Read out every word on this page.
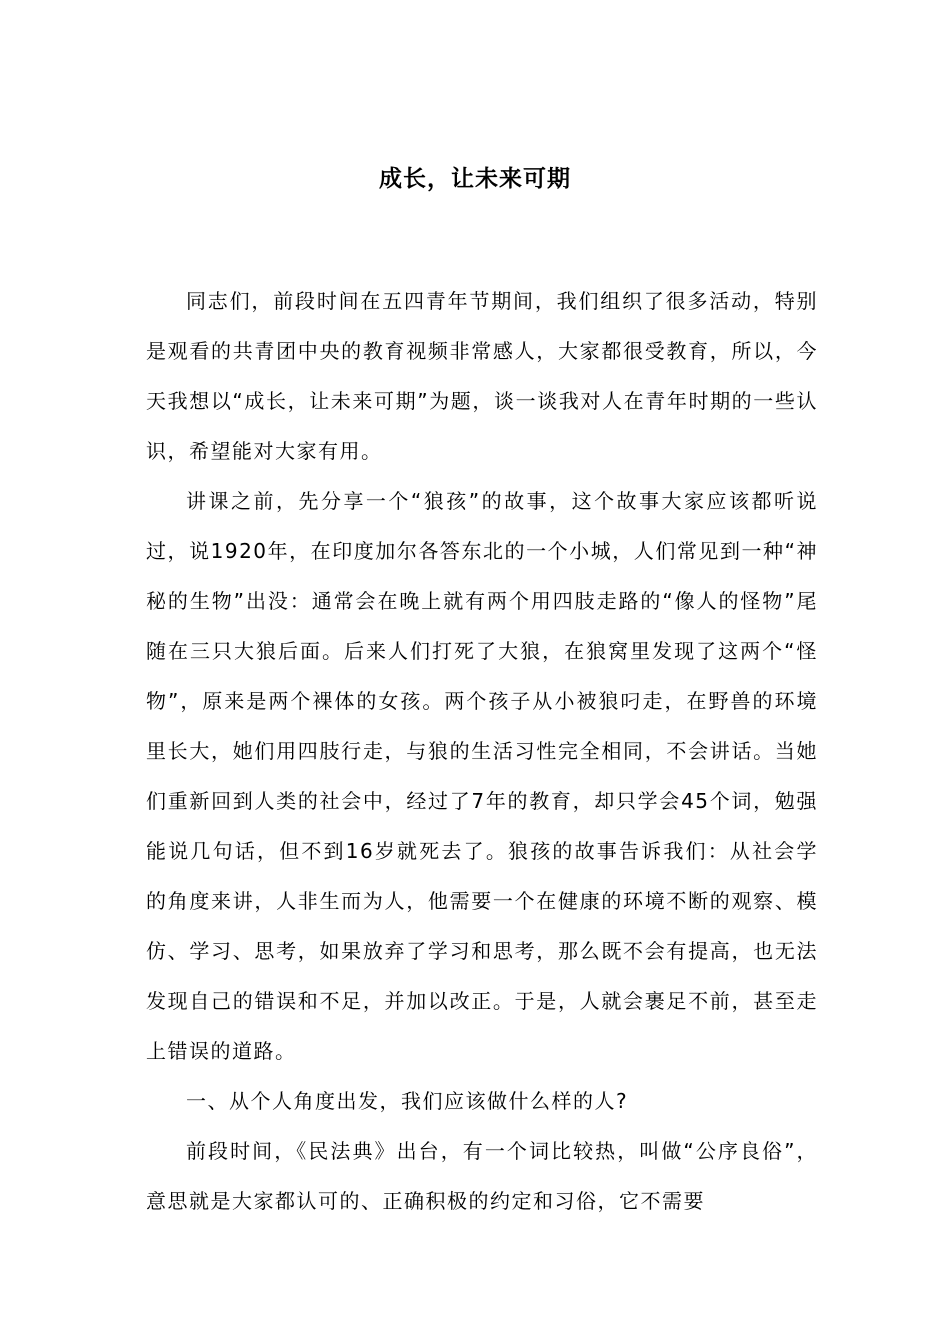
成长，让未来可期

同志们，前段时间在五四青年节期间，我们组织了很多活动，特别是观看的共青团中央的教育视频非常感人，大家都很受教育，所以，今天我想以“成长，让未来可期”为题，谈一谈我对人在青年时期的一些认识，希望能对大家有用。

讲课之前，先分享一个“狼孩”的故事，这个故事大家应该都听说过，说1920年，在印度加尔各答东北的一个小城，人们常见到一种“神秘的生物”出没：通常会在晚上就有两个用四肢走路的“像人的怪物”尾随在三只大狼后面。后来人们打死了大狼，在狼窝里发现了这两个“怪物”，原来是两个裸体的女孩。两个孩子从小被狼叼走，在野兽的环境里长大，她们用四肢行走，与狼的生活习性完全相同，不会讲话。当她们重新回到人类的社会中，经过了7年的教育，却只学会45个词，勉强能说几句话，但不到16岁就死去了。狼孩的故事告诉我们：从社会学的角度来讲，人非生而为人，他需要一个在健康的环境不断的观察、模仿、学习、思考，如果放弃了学习和思考，那么既不会有提高，也无法发现自己的错误和不足，并加以改正。于是，人就会裹足不前，甚至走上错误的道路。

一、从个人角度出发，我们应该做什么样的人?

前段时间，《民法典》出台，有一个词比较热，叫做“公序良俗”，意思就是大家都认可的、正确积极的约定和习俗，它不需要
